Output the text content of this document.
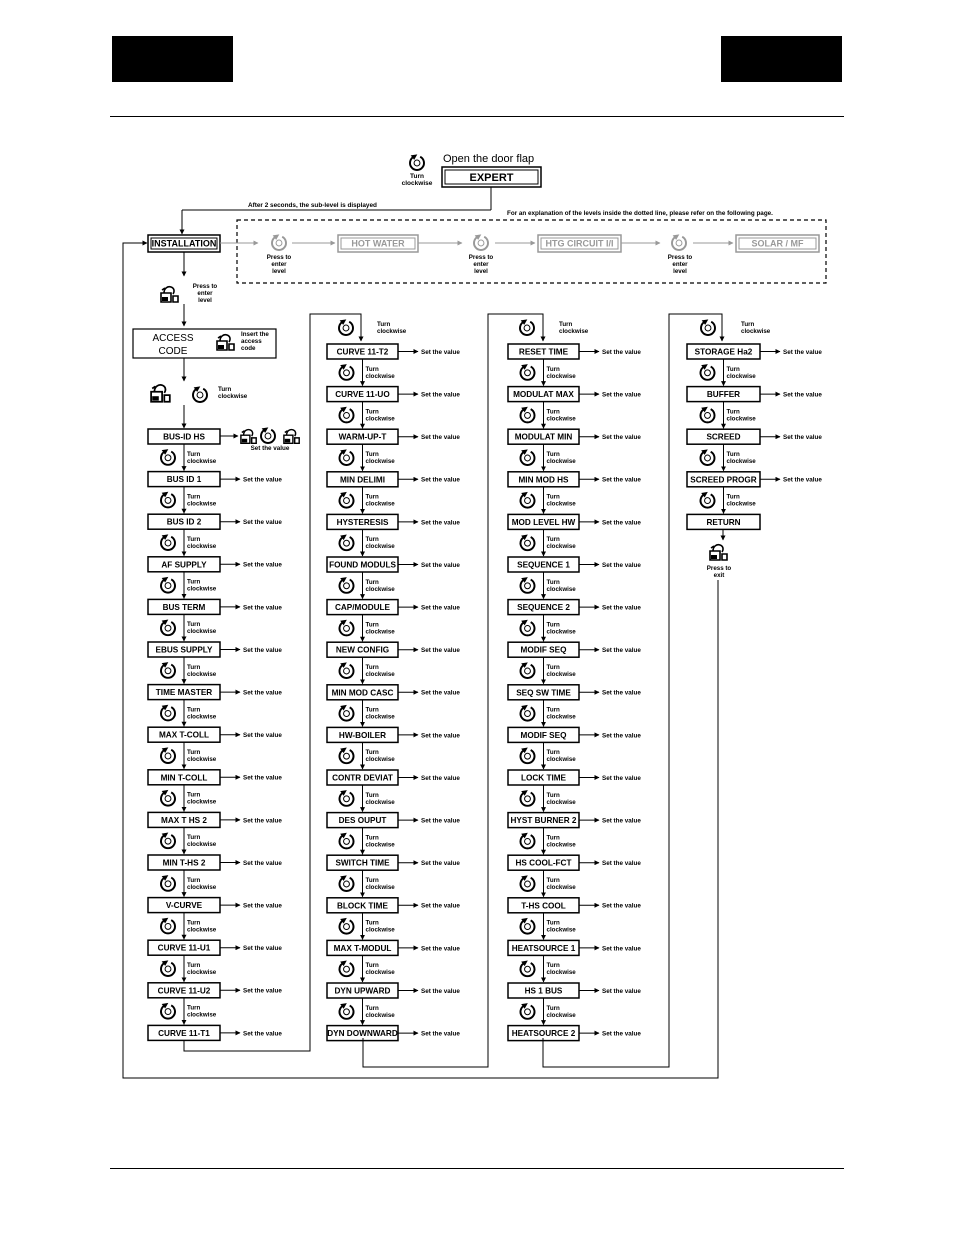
Turn
clockwise
Open the door flap
EXPERT
After 2 seconds, the sub-level is displayed
For an explanation of the levels inside the dotted line, please refer on the following page.
INSTALLATION
Press to
enter
level
HOT WATER
Press to
enter
level
HTG CIRCUIT I/I
Press to
enter
level
SOLAR / MF
Press to
enter
level
ACCESS
CODE
Insert the
access
code
Turn
clockwise
BUS-ID HS
Turn
clockwise
BUS ID 1	Set the value
Turn
clockwise
BUS ID 2	Set the value
Turn
clockwise
AF SUPPLY	Set the value
Turn
clockwise
BUS TERM	Set the value
Turn
clockwise
EBUS SUPPLY	Set the value
Turn
clockwise
TIME MASTER	Set the value
Turn
clockwise
MAX T-COLL	Set the value
Turn
clockwise
MIN T-COLL	Set the value
Turn
clockwise
MAX T HS 2	Set the value
Turn
clockwise
MIN T-HS 2	Set the value
Turn
clockwise
V-CURVE	Set the value
Turn
clockwise
CURVE 11-U1	Set the value
Turn
clockwise
CURVE 11-U2	Set the value
Turn
clockwise
CURVE 11-T1	Set the value
CURVE 11-T2	Set the value
Turn
clockwise
CURVE 11-UO	Set the value
Turn
clockwise
WARM-UP-T	Set the value
Turn
clockwise
MIN DELIMI	Set the value
Turn
clockwise
HYSTERESIS	Set the value
Turn
clockwise
FOUND MODULS	Set the value
Turn
clockwise
CAP/MODULE	Set the value
Turn
clockwise
NEW CONFIG	Set the value
Turn
clockwise
MIN MOD CASC	Set the value
Turn
clockwise
HW-BOILER	Set the value
Turn
clockwise
CONTR DEVIAT	Set the value
Turn
clockwise
DES OUPUT	Set the value
Turn
clockwise
SWITCH TIME	Set the value
Turn
clockwise
BLOCK TIME	Set the value
Turn
clockwise
MAX T-MODUL	Set the value
Turn
clockwise
DYN UPWARD	Set the value
Turn
clockwise
DYN DOWNWARD	Set the value
RESET TIME	Set the value
Turn
clockwise
MODULAT MAX	Set the value
Turn
clockwise
MODULAT MIN	Set the value
Turn
clockwise
MIN MOD HS	Set the value
Turn
clockwise
MOD LEVEL HW	Set the value
Turn
clockwise
SEQUENCE 1	Set the value
Turn
clockwise
SEQUENCE 2	Set the value
Turn
clockwise
MODIF SEQ	Set the value
Turn
clockwise
SEQ SW TIME	Set the value
Turn
clockwise
MODIF SEQ	Set the value
Turn
clockwise
LOCK TIME	Set the value
Turn
clockwise
HYST BURNER 2	Set the value
Turn
clockwise
HS COOL-FCT	Set the value
Turn
clockwise
T-HS COOL	Set the value
Turn
clockwise
HEATSOURCE 1	Set the value
Turn
clockwise
HS 1 BUS	Set the value
Turn
clockwise
HEATSOURCE 2	Set the value
STORAGE Ha2	Set the value
Turn
clockwise
BUFFER	Set the value
Turn
clockwise
SCREED	Set the value
Turn
clockwise
SCREED PROGR	Set the value
Turn
clockwise
RETURN
Set the value
Turn
clockwise
Turn
clockwise
Turn
clockwise
Press to
exit
